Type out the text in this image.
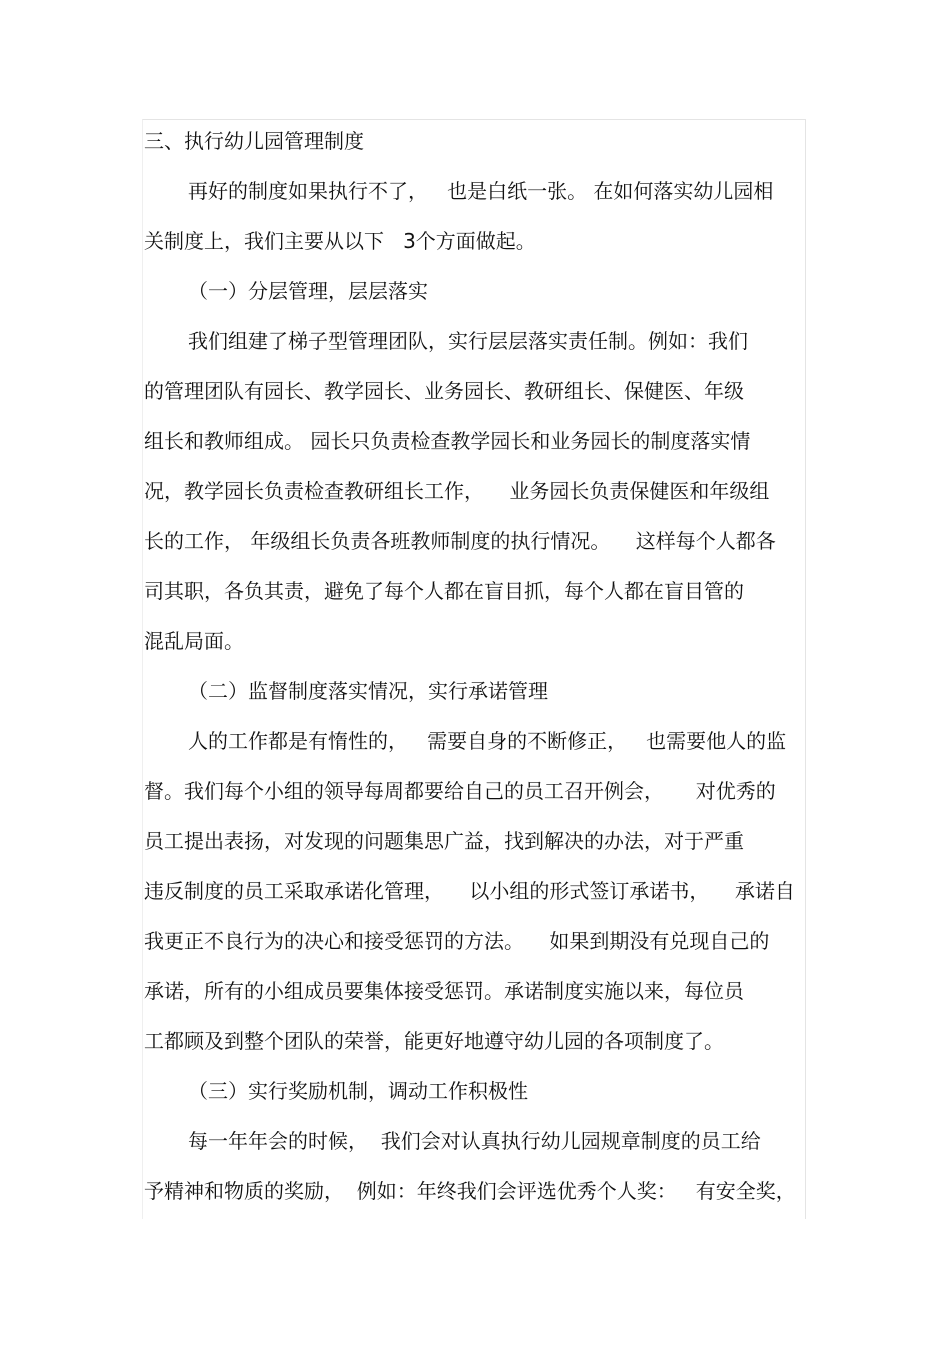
三、执行幼儿园管理制度
再好的制度如果执行不了，   也是白纸一张。 在如何落实幼儿园相
关制度上，我们主要从以下   3个方面做起。
（一）分层管理，层层落实
我们组建了梯子型管理团队，实行层层落实责任制。例如：我们
的管理团队有园长、教学园长、业务园长、教研组长、保健医、年级
组长和教师组成。 园长只负责检查教学园长和业务园长的制度落实情
况，教学园长负责检查教研组长工作，    业务园长负责保健医和年级组
长的工作， 年级组长负责各班教师制度的执行情况。    这样每个人都各
司其职，各负其责，避免了每个人都在盲目抓，每个人都在盲目管的
混乱局面。
（二）监督制度落实情况，实行承诺管理
人的工作都是有惰性的，   需要自身的不断修正，   也需要他人的监
督。我们每个小组的领导每周都要给自己的员工召开例会，     对优秀的
员工提出表扬，对发现的问题集思广益，找到解决的办法，对于严重
违反制度的员工采取承诺化管理，    以小组的形式签订承诺书，    承诺自
我更正不良行为的决心和接受惩罚的方法。    如果到期没有兑现自己的
承诺，所有的小组成员要集体接受惩罚。承诺制度实施以来，每位员
工都顾及到整个团队的荣誉，能更好地遵守幼儿园的各项制度了。
（三）实行奖励机制，调动工作积极性
每一年年会的时候，  我们会对认真执行幼儿园规章制度的员工给
予精神和物质的奖励，  例如：年终我们会评选优秀个人奖：   有安全奖，
